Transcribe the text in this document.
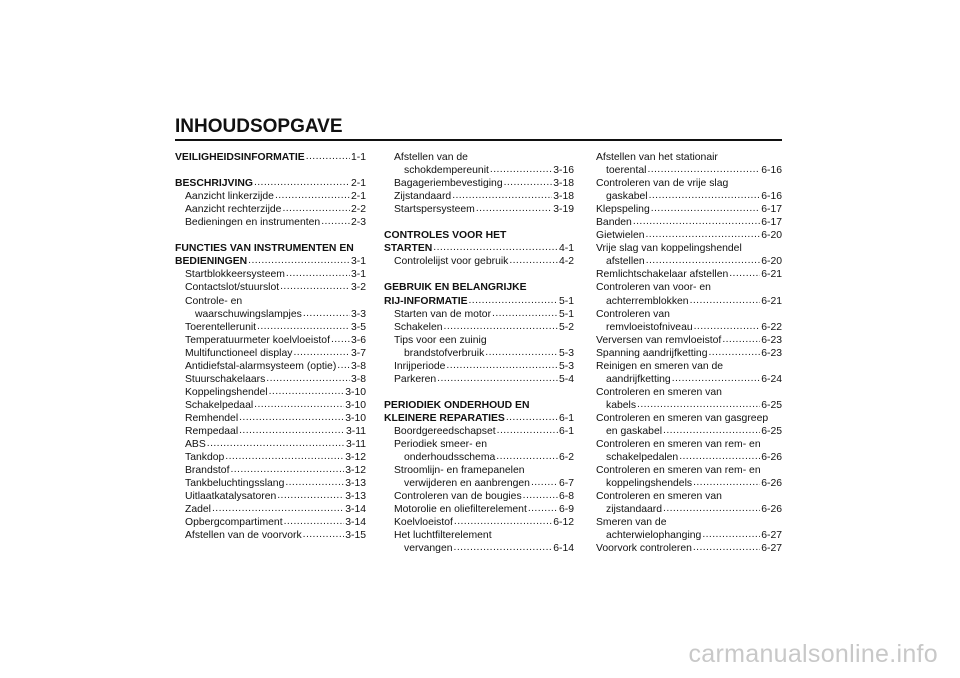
INHOUDSOPGAVE
VEILIGHEIDSINFORMATIE .....	1-1
BESCHRIJVING .....	2-1
Aanzicht linkerzijde .....	2-1
Aanzicht rechterzijde .....	2-2
Bedieningen en instrumenten .....	2-3
FUNCTIES VAN INSTRUMENTEN EN
BEDIENINGEN .....	3-1
Startblokkeersysteem .....	3-1
Contactslot/stuurslot .....	3-2
Controle- en
waarschuwingslampjes .....	3-3
Toerentellerunit .....	3-5
Temperatuurmeter koelvloeistof ..... 3-6
Multifunctioneel display .....	3-7
Antidiefstal-alarmsysteem (optie) ..... 3-8
Stuurschakelaars .....	3-8
Koppelingshendel .....	3-10
Schakelpedaal .....	3-10
Remhendel .....	3-10
Rempedaal .....	3-11
ABS .....	3-11
Tankdop .....	3-12
Brandstof .....	3-12
Tankbeluchtingsslang .....	3-13
Uitlaatkatalysatoren .....	3-13
Zadel .....	3-14
Opbergcompartiment .....	3-14
Afstellen van de voorvork .....	3-15
Afstellen van de
schokdempereunit .....	3-16
Bagageriembevestiging .....	3-18
Zijstandaard .....	3-18
Startspersysteem .....	3-19
CONTROLES VOOR HET
STARTEN .....	4-1
Controlelijst voor gebruik .....	4-2
GEBRUIK EN BELANGRIJKE
RIJ-INFORMATIE .....	5-1
Starten van de motor .....	5-1
Schakelen .....	5-2
Tips voor een zuinig
brandstofverbruik .....	5-3
Inrijperiode .....	5-3
Parkeren .....	5-4
PERIODIEK ONDERHOUD EN
KLEINERE REPARATIES .....	6-1
Boordgereedschapset .....	6-1
Periodiek smeer- en
onderhoudsschema .....	6-2
Stroomlijn- en framepanelen
verwijderen en aanbrengen .....	6-7
Controleren van de bougies .....	6-8
Motorolie en oliefilterelement .....	6-9
Koelvloeistof .....	6-12
Het luchtfilterelement
vervangen .....	6-14
Afstellen van het stationair
toerental .....	6-16
Controleren van de vrije slag
gaskabel .....	6-16
Klepspeling .....	6-17
Banden .....	6-17
Gietwielen .....	6-20
Vrije slag van koppelingshendel
afstellen .....	6-20
Remlichtschakelaar afstellen .....	6-21
Controleren van voor- en
achterremblokken .....	6-21
Controleren van
remvloeistofniveau .....	6-22
Verversen van remvloeistof .....	6-23
Spanning aandrijfketting .....	6-23
Reinigen en smeren van de
aandrijfketting .....	6-24
Controleren en smeren van
kabels .....	6-25
Controleren en smeren van gasgreep
en gaskabel .....	6-25
Controleren en smeren van rem- en
schakelpedalen .....	6-26
Controleren en smeren van rem- en
koppelingshendels .....	6-26
Controleren en smeren van
zijstandaard .....	6-26
Smeren van de
achterwielophanging .....	6-27
Voorvork controleren .....	6-27
carmanualsonline.info
